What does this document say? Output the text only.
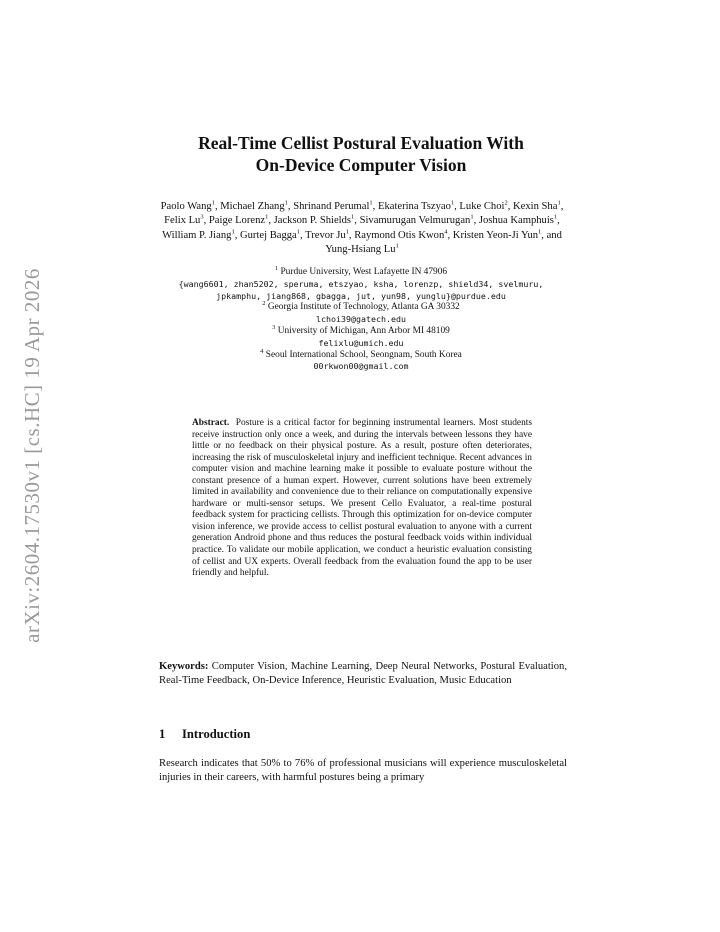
arXiv:2604.17530v1 [cs.HC] 19 Apr 2026
Real-Time Cellist Postural Evaluation With
On-Device Computer Vision
Paolo Wang$^1$, Michael Zhang$^1$, Shrinand Perumal$^1$, Ekaterina Tszyao$^1$, Luke Choi$^2$, Kexin Sha$^1$, Felix Lu$^3$, Paige Lorenz$^1$, Jackson P. Shields$^1$, Sivamurugan Velmurugan$^1$, Joshua Kamphuis$^1$, William P. Jiang$^1$, Gurtej Bagga$^1$, Trevor Ju$^1$, Raymond Otis Kwon$^4$, Kristen Yeon-Ji Yun$^1$, and Yung-Hsiang Lu$^1$
$^1$ Purdue University, West Lafayette IN 47906
{wang6601, zhan5202, speruma, etszyao, ksha, lorenzp, shield34, svelmuru,
jpkamphu, jiang868, gbagga, jut, yun98, yunglu}@purdue.edu
$^2$ Georgia Institute of Technology, Atlanta GA 30332
lchoi39@gatech.edu
$^3$ University of Michigan, Ann Arbor MI 48109
felixlu@umich.edu
$^4$ Seoul International School, Seongnam, South Korea
00rkwon00@gmail.com
Abstract. Posture is a critical factor for beginning instrumental learners. Most students receive instruction only once a week, and during the intervals between lessons they have little or no feedback on their physical posture. As a result, posture often deteriorates, increasing the risk of musculoskeletal injury and inefficient technique. Recent advances in computer vision and machine learning make it possible to evaluate posture without the constant presence of a human expert. However, current solutions have been extremely limited in availability and convenience due to their reliance on computationally expensive hardware or multi-sensor setups. We present Cello Evaluator, a real-time postural feedback system for practicing cellists. Through this optimization for on-device computer vision inference, we provide access to cellist postural evaluation to anyone with a current generation Android phone and thus reduces the postural feedback voids within individual practice. To validate our mobile application, we conduct a heuristic evaluation consisting of cellist and UX experts. Overall feedback from the evaluation found the app to be user friendly and helpful.
Keywords: Computer Vision, Machine Learning, Deep Neural Networks, Postural Evaluation, Real-Time Feedback, On-Device Inference, Heuristic Evaluation, Music Education
1 Introduction
Research indicates that 50% to 76% of professional musicians will experience musculoskeletal injuries in their careers, with harmful postures being a primary
